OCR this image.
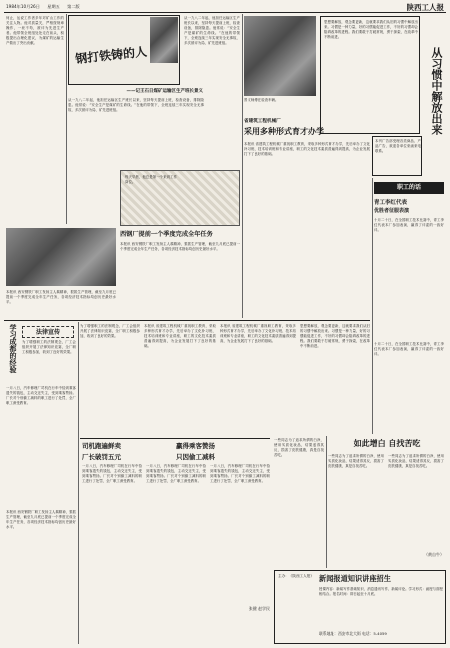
1984年10月26日 星期五 第二版	陕西工人报
何止，运说工作者多年对矿山工作的关注人物。他对质量关，严格按规章操作，一丝不苟，被评为先进生产者。他带领全班组处处走在前头，积极提出合理化建议，为煤矿的运输生产做出了突出贡献。
钢打铁铸的人
——记王石日煤矿运输区生产班长景义
从一九八二年起，他担任运输区生产班长以来，坚持每天提前上班，检查设备，排除隐患。他常说：“安全生产是煤矿的生命线。”在他的带领下，全班连续三年实现安全无事故，多次被评为局、矿先进班组。
从一九八二年起，他担任运输区生产班长以来，坚持每天提前上班，检查设备，排除隐患。他常说：“安全生产是煤矿的生命线。”在他的带领下，全班连续三年实现安全无事故，多次被评为局、矿先进班组。
景义师傅在检查车辆。
思想要解放，观念要更新，这就要求我们从旧的习惯中解放出来。习惯是一种力量，好的习惯能促进工作，不好的习惯却会阻碍改革的进程。我们要敢于打破常规，勇于探索，在改革中不断前进。
从习惯中解放出来
本刊广告部受理各类商品、产品广告，欢迎各单位来函来电联系。
每天早晨，他总是第一个来到工作岗位。
西钢厂提前一个季度完成全年任务
本报讯 西安钢铁厂职工发扬主人翁精神，狠抓生产管理，截至九月底已提前一个季度完成全年生产任务，各项经济技术指标均创历史最好水平。
本报讯 西安钢铁厂职工发扬主人翁精神，狠抓生产管理，截至九月底已提前一个季度完成全年生产任务，各项经济技术指标均创历史最好水平。
省建筑工程机械厂
采用多种形式育才办学
本报讯 省建筑工程机械厂重视职工教育，采取多种形式育才办学，先后举办了文化补习班、技术培训班和专业讲座，职工的文化技术素质普遍得到提高，为企业发展打下了良好的基础。
职工的话
青工李红代表
优胜者征服表演
十月二十日，在全国职工技术比赛中，青工李红代表本厂参加表演，赢得了评委的一致好评。
十月二十日，在全国职工技术比赛中，青工李红代表本厂参加表演，赢得了评委的一致好评。
学习成都的经验	法律宣传
为了增强职工的法制观念，厂工会组织开展了法律知识竞赛，全厂职工积极参加，收到了良好的效果。
为了增强职工的法制观念，厂工会组织开展了法律知识竞赛，全厂职工积极参加，收到了良好的效果。
本报讯 省建筑工程机械厂重视职工教育，采取多种形式育才办学，先后举办了文化补习班、技术培训班和专业讲座，职工的文化技术素质普遍得到提高，为企业发展打下了良好的基础。
本报讯 省建筑工程机械厂重视职工教育，采取多种形式育才办学，先后举办了文化补习班、技术培训班和专业讲座，职工的文化技术素质普遍得到提高，为企业发展打下了良好的基础。
思想要解放，观念要更新，这就要求我们从旧的习惯中解放出来。习惯是一种力量，好的习惯能促进工作，不好的习惯却会阻碍改革的进程。我们要敢于打破常规，勇于探索，在改革中不断前进。
一月八日，汽车修理厂司机在行车中拾到乘客遗失的钱包，主动交还失主，受到乘客赞扬。厂长对个别偷工减料的职工进行了处罚，全厂职工深受教育。
司机跑遍鲜卖	赢得乘客赞扬
厂长破罚五元	只因偷工减料
一月八日，汽车修理厂司机在行车中拾到乘客遗失的钱包，主动交还失主，受到乘客赞扬。厂长对个别偷工减料的职工进行了处罚，全厂职工深受教育。
一月八日，汽车修理厂司机在行车中拾到乘客遗失的钱包，主动交还失主，受到乘客赞扬。厂长对个别偷工减料的职工进行了处罚，全厂职工深受教育。
一月八日，汽车修理厂司机在行车中拾到乘客遗失的钱包，主动交还失主，受到乘客赞扬。厂长对个别偷工减料的职工进行了处罚，全厂职工深受教育。
张健 赵学民
一些同志为了追求所谓的白净，使用劣质化妆品，结果适得其反，损害了皮肤健康，真是自找苦吃。
如此增白 自找苦吃
一些同志为了追求所谓的白净，使用劣质化妆品，结果适得其反，损害了皮肤健康，真是自找苦吃。
一些同志为了追求所谓的白净，使用劣质化妆品，结果适得其反，损害了皮肤健康，真是自找苦吃。
（黄自牛）
主办：《陕西工人报》 新闻报道知识讲座招生
授课内容：新闻写作基础知识、消息通讯写作、新闻评论。学习形式：函授与面授相结合。报名时间：即日起至十月底。
联系地址：西安市北大街 电话：5-4059
本报讯 西安钢铁厂职工发扬主人翁精神，狠抓生产管理，截至九月底已提前一个季度完成全年生产任务，各项经济技术指标均创历史最好水平。
